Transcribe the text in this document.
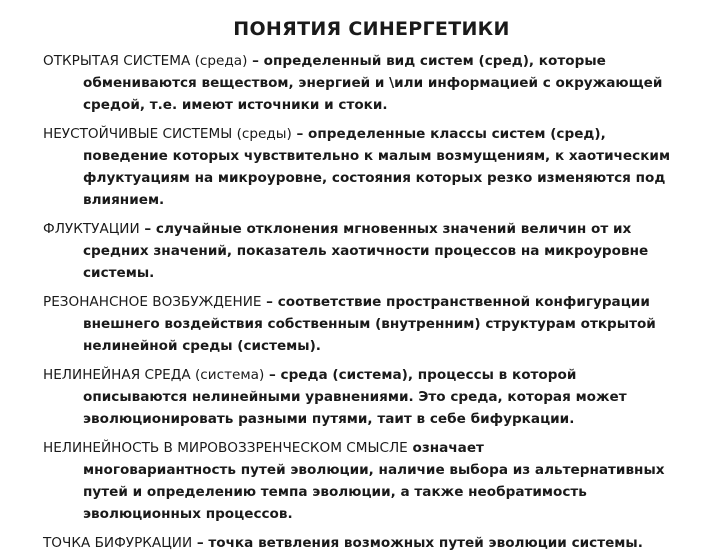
ПОНЯТИЯ СИНЕРГЕТИКИ
ОТКРЫТАЯ СИСТЕМА (среда) – определенный вид систем (сред), которые
обмениваются веществом, энергией и \или информацией с окружающей
средой, т.е. имеют источники и стоки.
НЕУСТОЙЧИВЫЕ СИСТЕМЫ (среды) – определенные классы систем (сред),
поведение которых чувствительно к малым возмущениям, к хаотическим
флуктуациям на микроуровне, состояния которых резко изменяются под
влиянием.
ФЛУКТУАЦИИ – случайные отклонения мгновенных значений величин от их
средних значений, показатель хаотичности процессов на микроуровне
системы.
РЕЗОНАНСНОЕ ВОЗБУЖДЕНИЕ – соответствие пространственной конфигурации
внешнего воздействия собственным (внутренним) структурам открытой
нелинейной среды (системы).
НЕЛИНЕЙНАЯ СРЕДА (система) – среда (система), процессы в которой
описываются нелинейными уравнениями. Это среда, которая может
эволюционировать разными путями, таит в себе бифуркации.
НЕЛИНЕЙНОСТЬ В МИРОВОЗЗРЕНЧЕСКОМ СМЫСЛЕ означает
многовариантность путей эволюции, наличие выбора из альтернативных
путей и определению темпа эволюции, а также необратимость
эволюционных процессов.
ТОЧКА БИФУРКАЦИИ – точка ветвления возможных путей эволюции системы.
